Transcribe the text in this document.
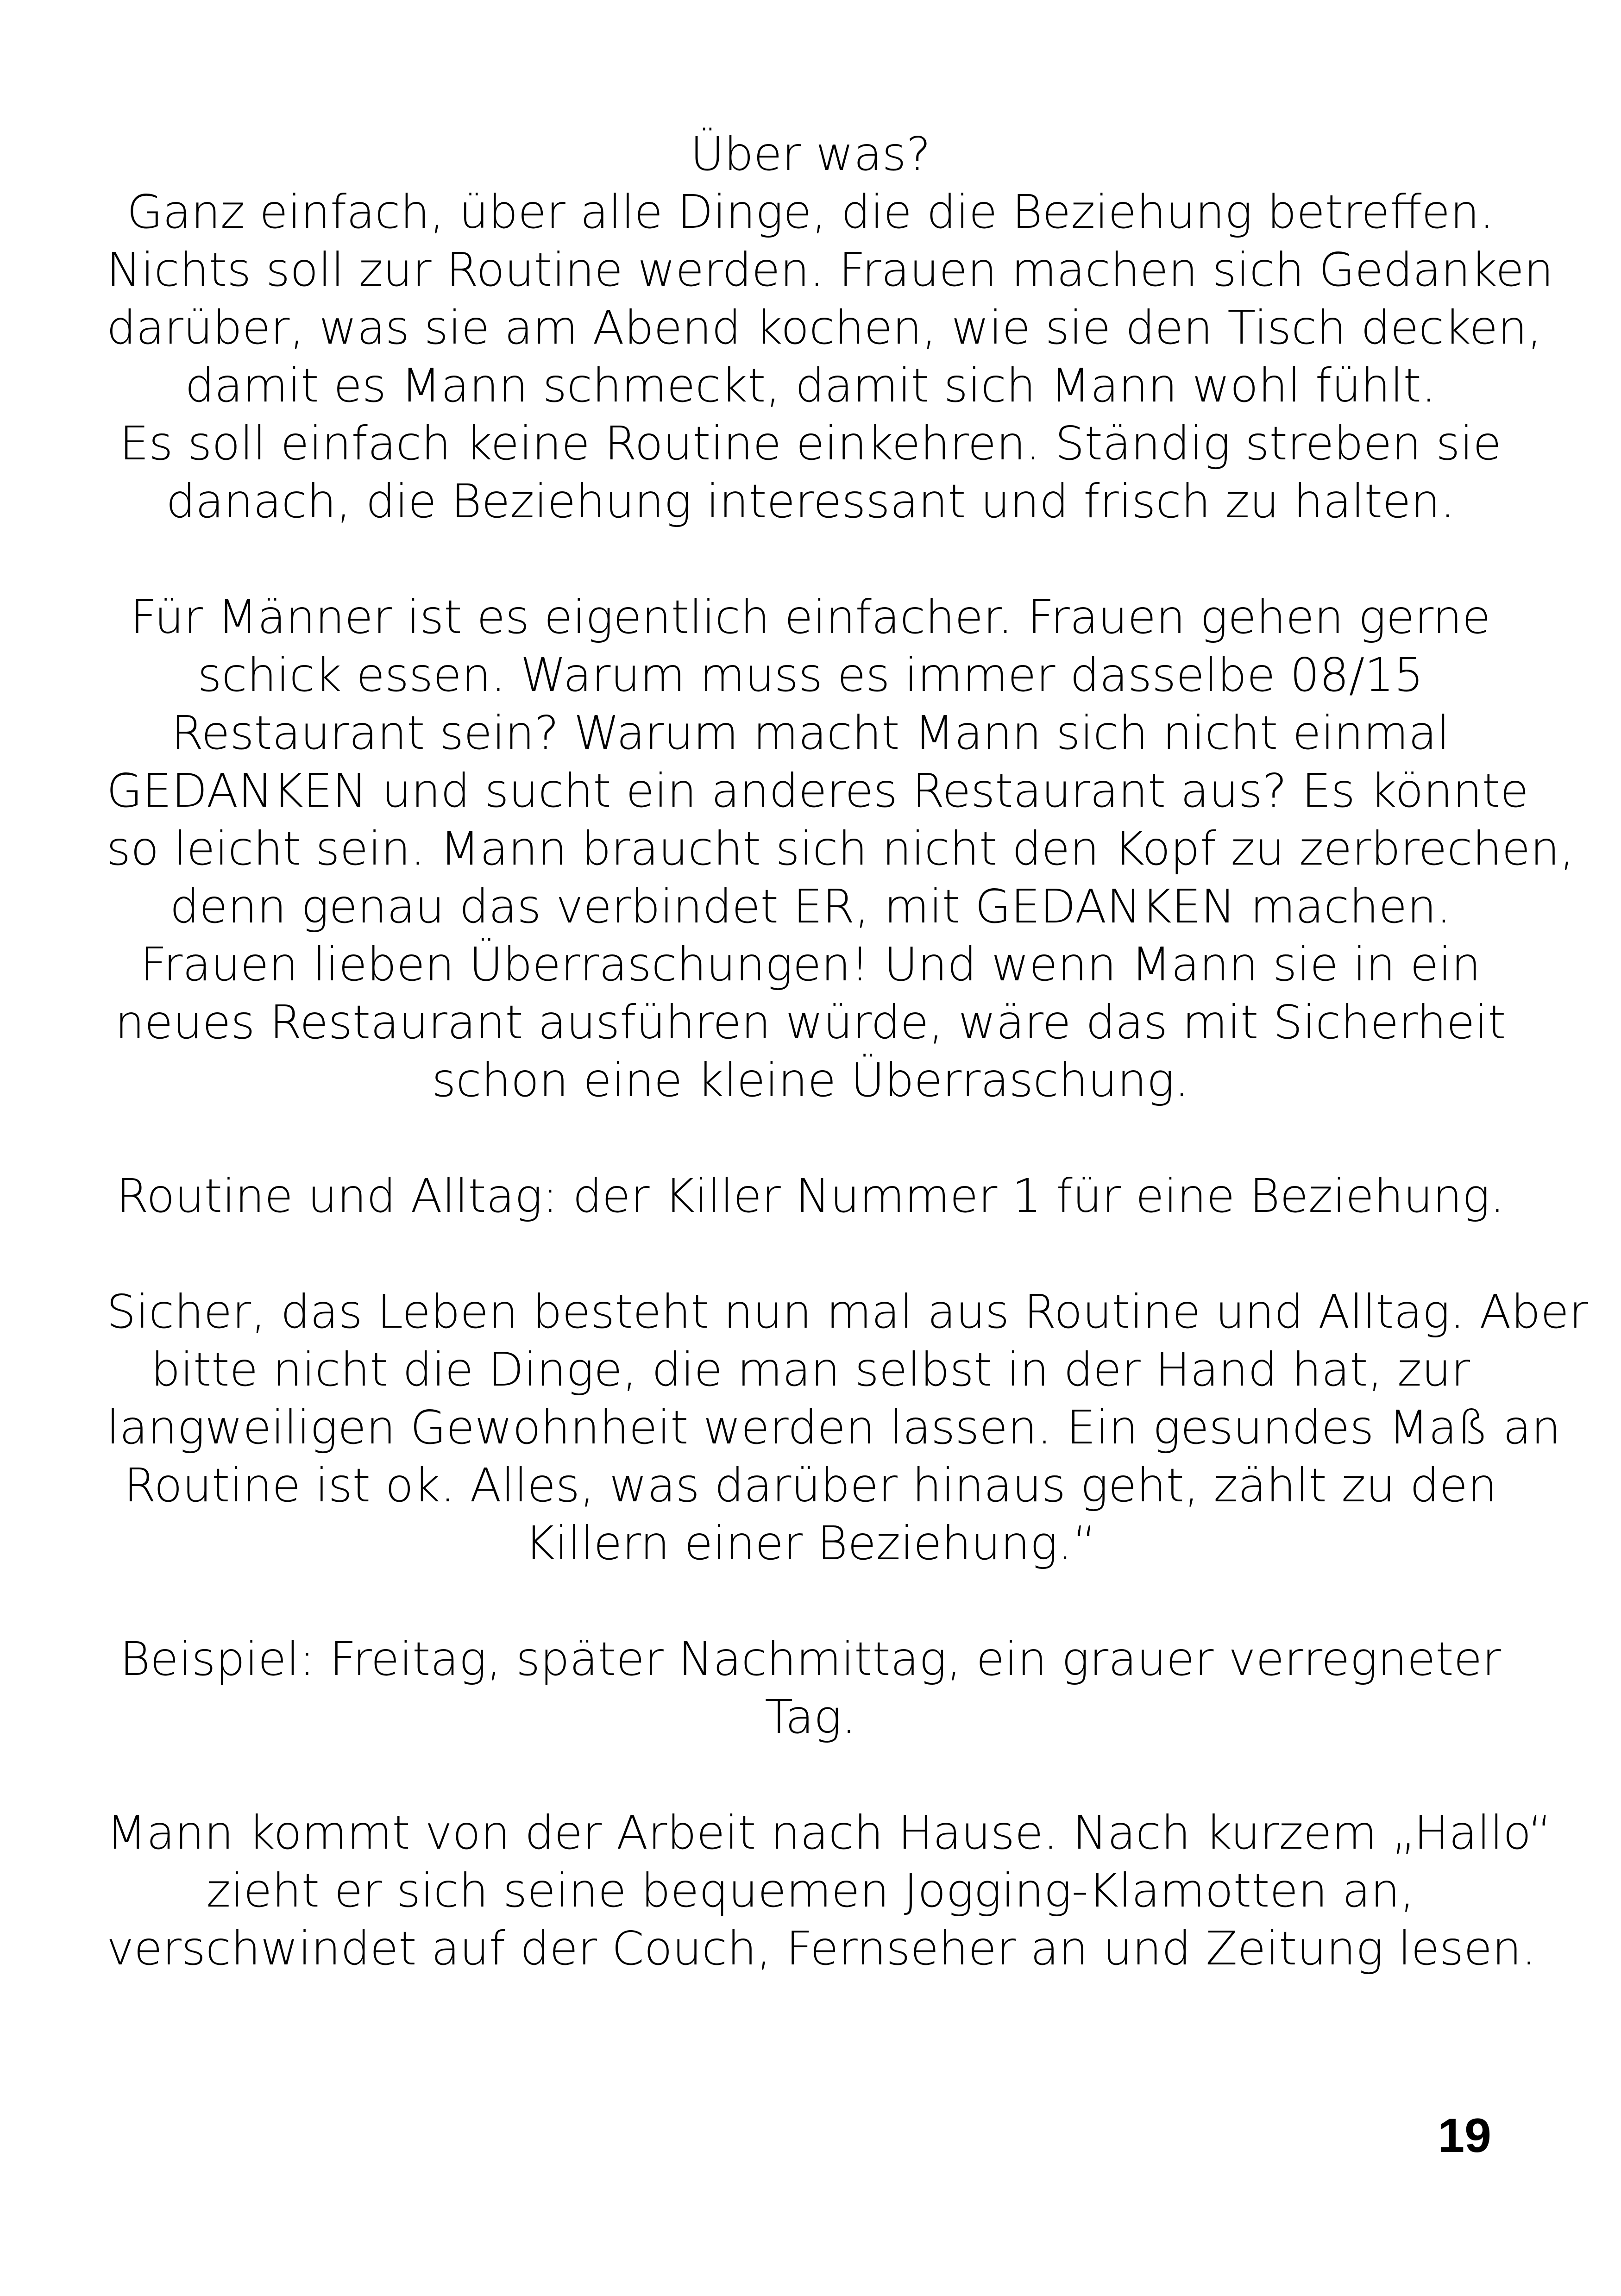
Über was?
Ganz einfach, über alle Dinge, die die Beziehung betreffen.
Nichts soll zur Routine werden. Frauen machen sich Gedanken
darüber, was sie am Abend kochen, wie sie den Tisch decken,
damit es Mann schmeckt, damit sich Mann wohl fühlt.
Es soll einfach keine Routine einkehren. Ständig streben sie
danach, die Beziehung interessant und frisch zu halten.

Für Männer ist es eigentlich einfacher. Frauen gehen gerne
schick essen. Warum muss es immer dasselbe 08/15
Restaurant sein? Warum macht Mann sich nicht einmal
GEDANKEN und sucht ein anderes Restaurant aus? Es könnte
so leicht sein. Mann braucht sich nicht den Kopf zu zerbrechen,
denn genau das verbindet ER, mit GEDANKEN machen.
Frauen lieben Überraschungen! Und wenn Mann sie in ein
neues Restaurant ausführen würde, wäre das mit Sicherheit
schon eine kleine Überraschung.

Routine und Alltag: der Killer Nummer 1 für eine Beziehung.

Sicher, das Leben besteht nun mal aus Routine und Alltag. Aber
bitte nicht die Dinge, die man selbst in der Hand hat, zur
langweiligen Gewohnheit werden lassen. Ein gesundes Maß an
Routine ist ok. Alles, was darüber hinaus geht, zählt zu den
Killern einer Beziehung.“

Beispiel: Freitag, später Nachmittag, ein grauer verregneter
Tag.

Mann kommt von der Arbeit nach Hause. Nach kurzem „Hallo“
zieht er sich seine bequemen Jogging-Klamotten an,
verschwindet auf der Couch, Fernseher an und Zeitung lesen.

19
